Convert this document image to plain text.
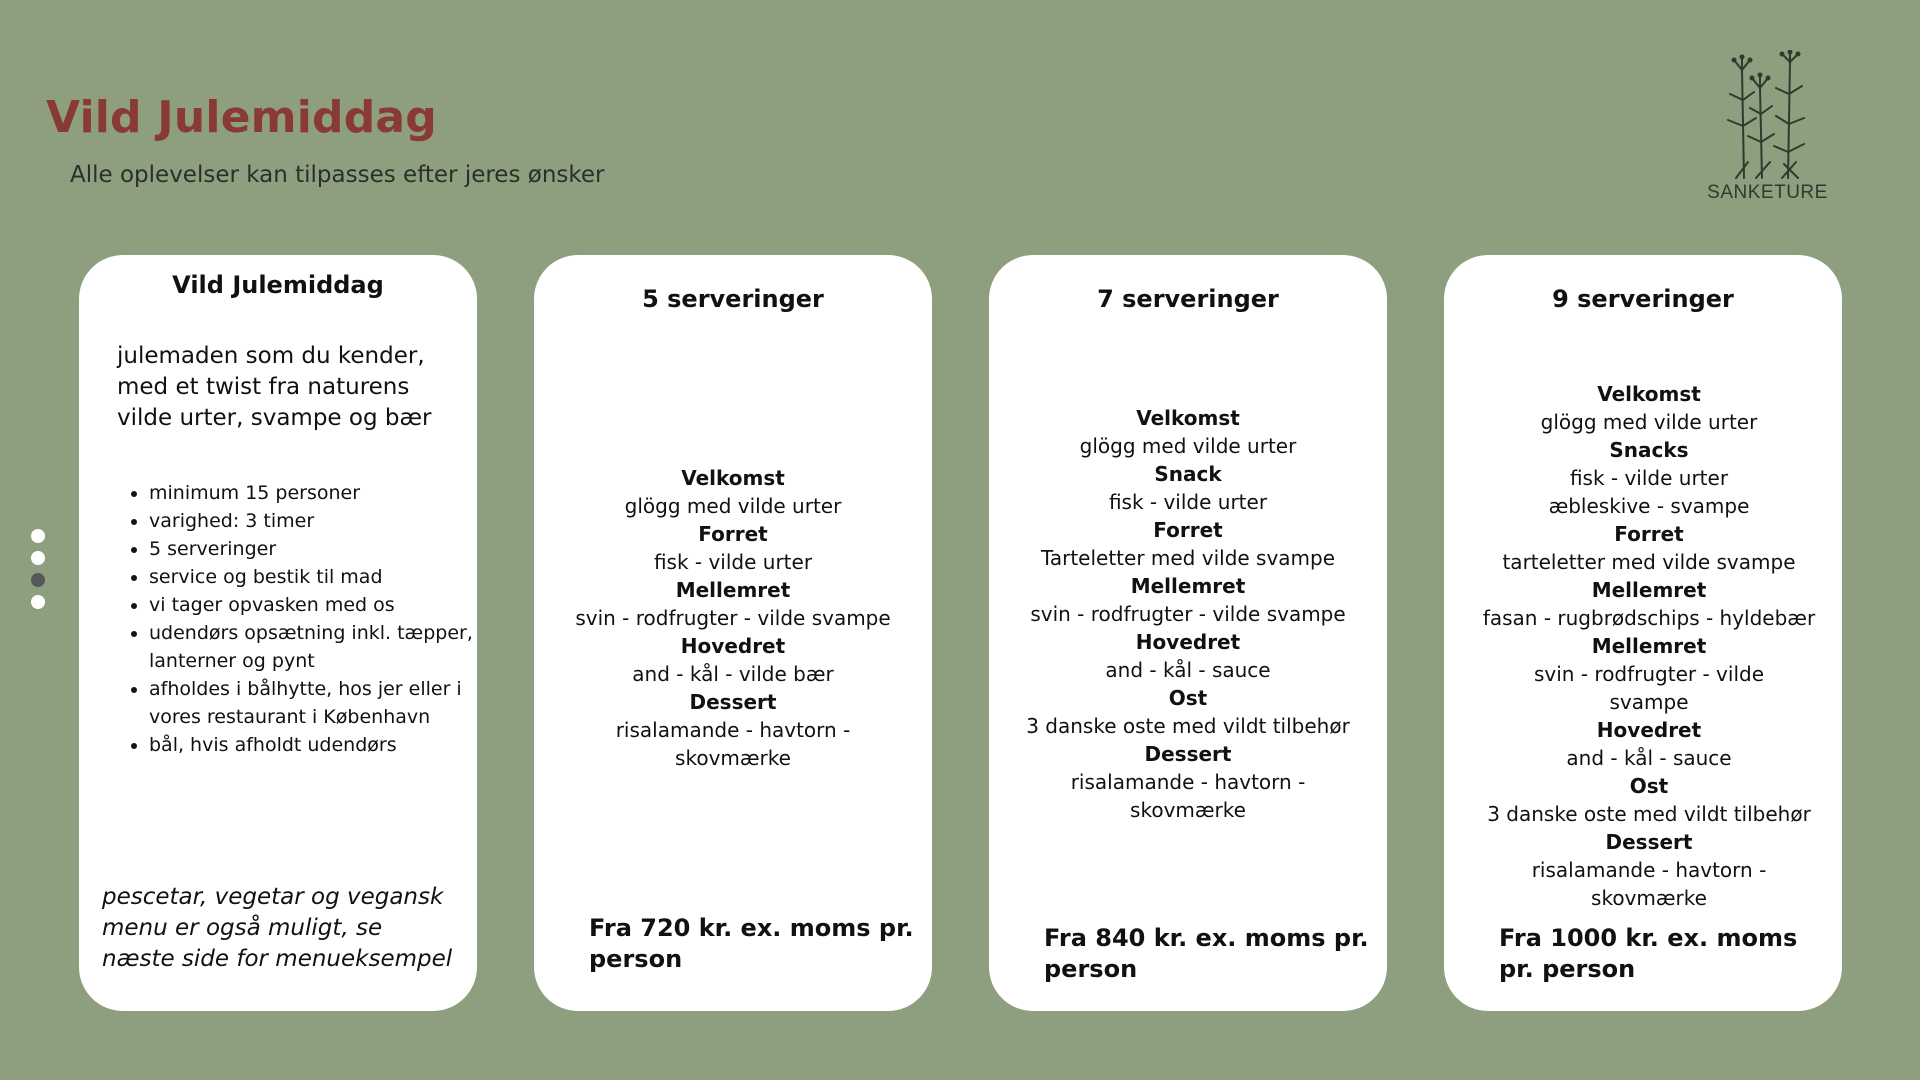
Vild Julemiddag
Alle oplevelser kan tilpasses efter jeres ønsker
SANKETURE
Vild Julemiddag

julemaden som du kender, med et twist fra naturens vilde urter, svampe og bær

• minimum 15 personer
• varighed: 3 timer
• 5 serveringer
• service og bestik til mad
• vi tager opvasken med os
• udendørs opsætning inkl. tæpper, lanterner og pynt
• afholdes i bålhytte, hos jer eller i vores restaurant i København
• bål, hvis afholdt udendørs

pescetar, vegetar og vegansk menu er også muligt, se næste side for menueksempel

5 serveringer
Velkomst
glögg med vilde urter
Forret
fisk - vilde urter
Mellemret
svin - rodfrugter - vilde svampe
Hovedret
and - kål - vilde bær
Dessert
risalamande - havtorn - skovmærke

Fra 720 kr. ex. moms pr. person

7 serveringer
Velkomst
glögg med vilde urter
Snack
fisk - vilde urter
Forret
Tarteletter med vilde svampe
Mellemret
svin - rodfrugter - vilde svampe
Hovedret
and - kål - sauce
Ost
3 danske oste med vildt tilbehør
Dessert
risalamande - havtorn - skovmærke

Fra 840 kr. ex. moms pr. person

9 serveringer
Velkomst
glögg med vilde urter
Snacks
fisk - vilde urter
æbleskive - svampe
Forret
tarteletter med vilde svampe
Mellemret
fasan - rugbrødschips - hyldebær
Mellemret
svin - rodfrugter - vilde svampe
Hovedret
and - kål - sauce
Ost
3 danske oste med vildt tilbehør
Dessert
risalamande - havtorn - skovmærke

Fra 1000 kr. ex. moms pr. person
